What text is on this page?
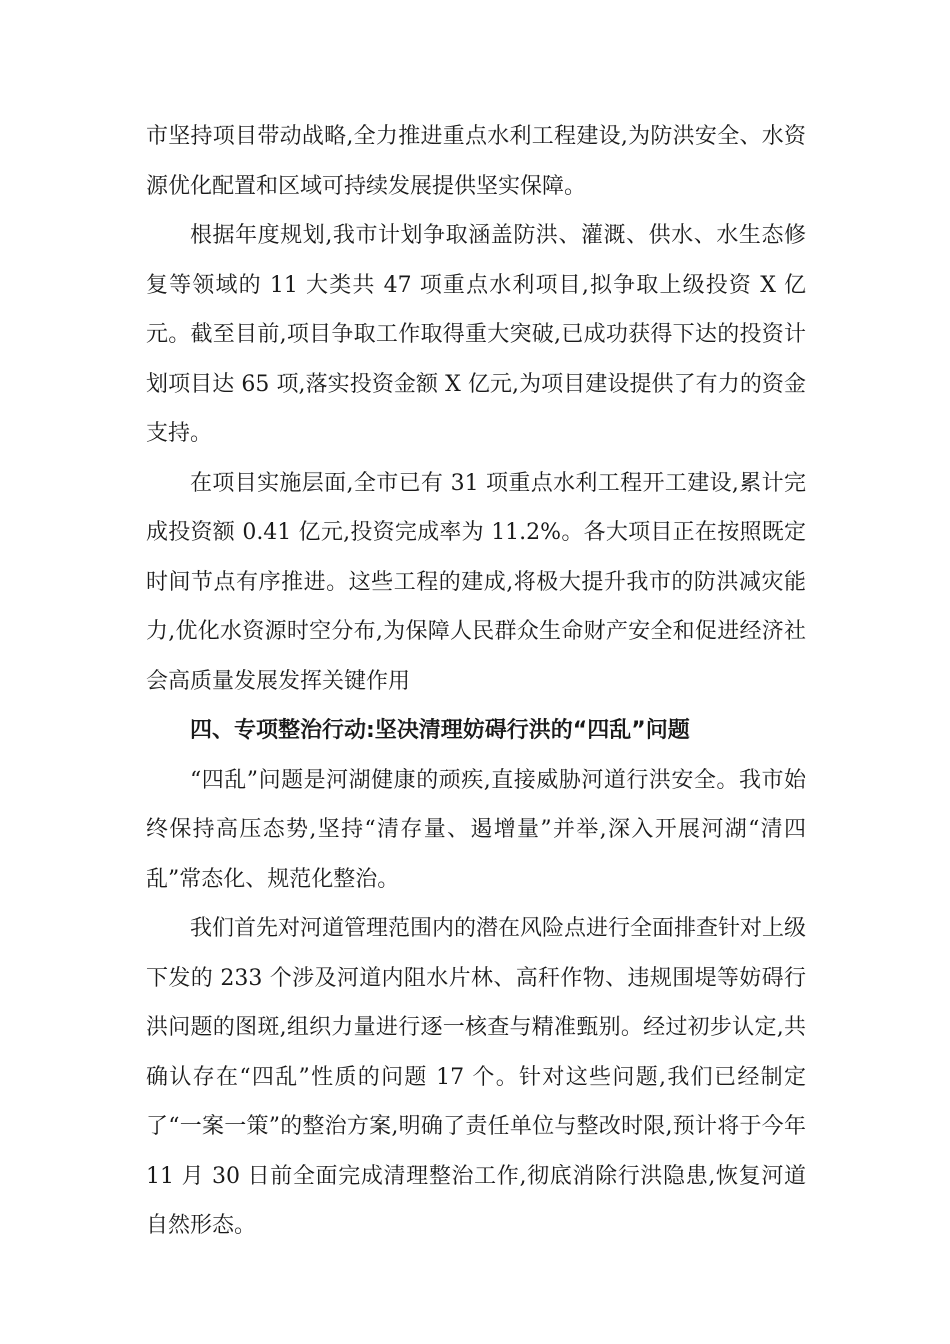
市坚持项目带动战略,全力推进重点水利工程建设,为防洪安全、水资源优化配置和区域可持续发展提供坚实保障。

根据年度规划,我市计划争取涵盖防洪、灌溉、供水、水生态修复等领域的 11 大类共 47 项重点水利项目,拟争取上级投资 X 亿元。截至目前,项目争取工作取得重大突破,已成功获得下达的投资计划项目达 65 项,落实投资金额 X 亿元,为项目建设提供了有力的资金支持。

在项目实施层面,全市已有 31 项重点水利工程开工建设,累计完成投资额 0.41 亿元,投资完成率为 11.2%。各大项目正在按照既定时间节点有序推进。这些工程的建成,将极大提升我市的防洪减灾能力,优化水资源时空分布,为保障人民群众生命财产安全和促进经济社会高质量发展发挥关键作用

四、专项整治行动:坚决清理妨碍行洪的“四乱”问题

“四乱”问题是河湖健康的顽疾,直接威胁河道行洪安全。我市始终保持高压态势,坚持“清存量、遏增量”并举,深入开展河湖“清四乱”常态化、规范化整治。

我们首先对河道管理范围内的潜在风险点进行全面排查针对上级下发的 233 个涉及河道内阻水片林、高秆作物、违规围堤等妨碍行洪问题的图斑,组织力量进行逐一核查与精准甄别。经过初步认定,共确认存在“四乱”性质的问题 17 个。针对这些问题,我们已经制定了“一案一策”的整治方案,明确了责任单位与整改时限,预计将于今年 11 月 30 日前全面完成清理整治工作,彻底消除行洪隐患,恢复河道自然形态。
